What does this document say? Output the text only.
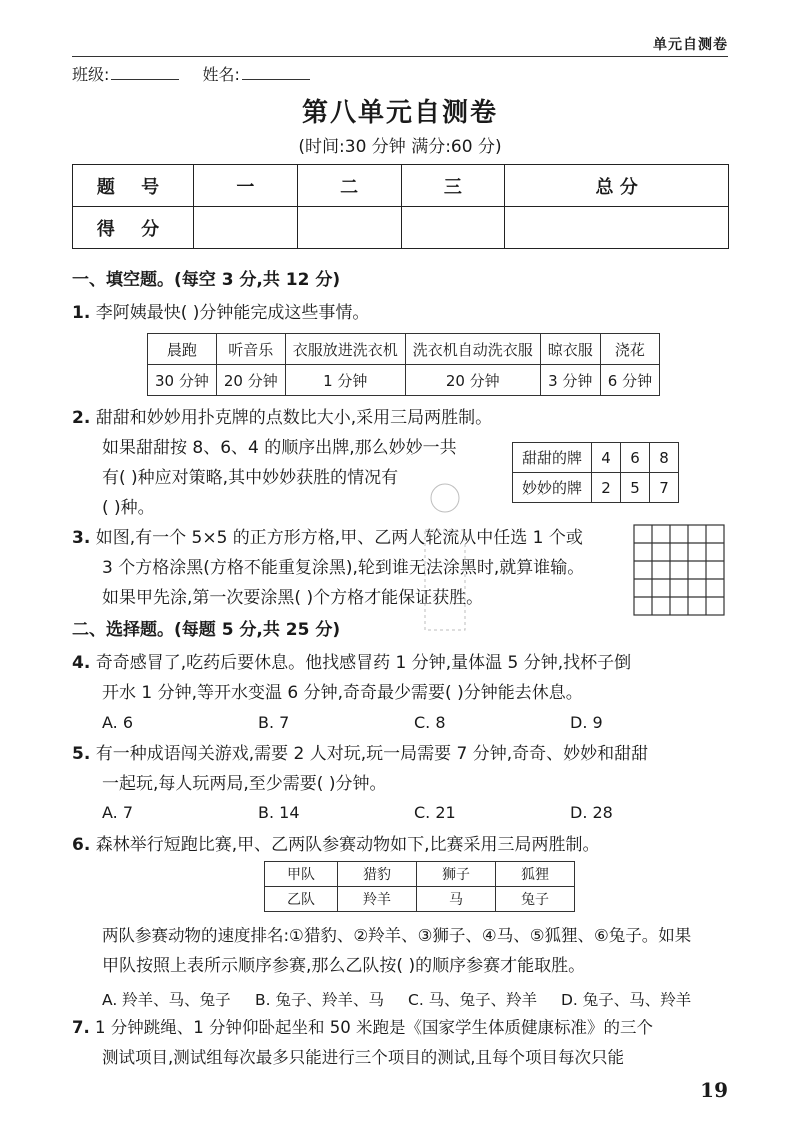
单元自测卷
班级:	姓名:
第八单元自测卷
(时间:30 分钟 满分:60 分)
题 号	一	二	三	总 分
得 分				
一、填空题。(每空 3 分,共 12 分)
1. 李阿姨最快( )分钟能完成这些事情。
晨跑	听音乐	衣服放进洗衣机	洗衣机自动洗衣服	晾衣服	浇花
30 分钟	20 分钟	1 分钟	20 分钟	3 分钟	6 分钟
2. 甜甜和妙妙用扑克牌的点数比大小,采用三局两胜制。
如果甜甜按 8、6、4 的顺序出牌,那么妙妙一共
有( )种应对策略,其中妙妙获胜的情况有
( )种。
甜甜的牌	4	6	8
妙妙的牌	2	5	7
3. 如图,有一个 5×5 的正方形方格,甲、乙两人轮流从中任选 1 个或
3 个方格涂黑(方格不能重复涂黑),轮到谁无法涂黑时,就算谁输。
如果甲先涂,第一次要涂黑( )个方格才能保证获胜。
二、选择题。(每题 5 分,共 25 分)
4. 奇奇感冒了,吃药后要休息。他找感冒药 1 分钟,量体温 5 分钟,找杯子倒
开水 1 分钟,等开水变温 6 分钟,奇奇最少需要( )分钟能去休息。
A. 6	B. 7	C. 8	D. 9
5. 有一种成语闯关游戏,需要 2 人对玩,玩一局需要 7 分钟,奇奇、妙妙和甜甜
一起玩,每人玩两局,至少需要( )分钟。
A. 7	B. 14	C. 21	D. 28
6. 森林举行短跑比赛,甲、乙两队参赛动物如下,比赛采用三局两胜制。
甲队	猎豹	狮子	狐狸
乙队	羚羊	马	兔子
两队参赛动物的速度排名:①猎豹、②羚羊、③狮子、④马、⑤狐狸、⑥兔子。如果
甲队按照上表所示顺序参赛,那么乙队按( )的顺序参赛才能取胜。
A. 羚羊、马、兔子 B. 兔子、羚羊、马 C. 马、兔子、羚羊 D. 兔子、马、羚羊
7. 1 分钟跳绳、1 分钟仰卧起坐和 50 米跑是《国家学生体质健康标准》的三个
测试项目,测试组每次最多只能进行三个项目的测试,且每个项目每次只能
19
